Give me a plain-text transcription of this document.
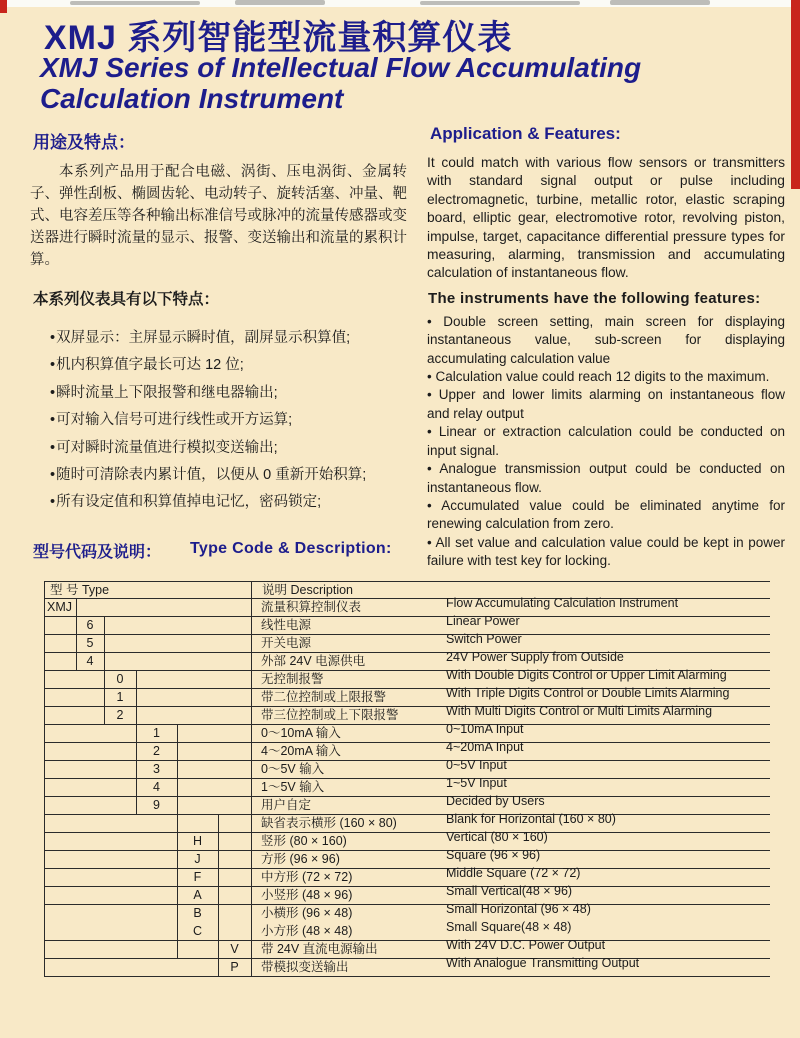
XMJ 系列智能型流量积算仪表
XMJ Series of Intellectual Flow Accumulating Calculation Instrument
用途及特点：

本系列产品用于配合电磁、涡街、压电涡街、金属转子、弹性刮板、椭圆齿轮、电动转子、旋转活塞、冲量、靶式、电容差压等各种输出标准信号或脉冲的流量传感器或变送器进行瞬时流量的显示、报警、变送输出和流量的累积计算。

本系列仪表具有以下特点：
• 双屏显示：主屏显示瞬时值，副屏显示积算值;
• 机内积算值字最长可达 12 位;
• 瞬时流量上下限报警和继电器输出;
• 可对输入信号可进行线性或开方运算;
• 可对瞬时流量值进行模拟变送输出;
• 随时可清除表内累计值，以便从 0 重新开始积算;
• 所有设定值和积算值掉电记忆，密码锁定;
Application & Features:

It could match with various flow sensors or transmitters with standard signal output or pulse including electromagnetic, turbine, metallic rotor, elastic scraping board, elliptic gear, electromotive rotor, revolving piston, impulse, target, capacitance differential pressure types for measuring, alarming, transmission and accumulating calculation of instantaneous flow.

The instruments have the following features:
• Double screen setting, main screen for displaying instantaneous value, sub-screen for displaying accumulating calculation value
• Calculation value could reach 12 digits to the maximum.
• Upper and lower limits alarming on instantaneous flow and relay output
• Linear or extraction calculation could be conducted on input signal.
• Analogue transmission output could be conducted on instantaneous flow.
• Accumulated value could be eliminated anytime for renewing calculation from zero.
• All set value and calculation value could be kept in power failure with test key for locking.
型号代码及说明： Type Code & Description:
型 号 Type	说明 Description
XMJ	流量积算控制仪表	Flow Accumulating Calculation Instrument
6	线性电源	Linear Power
5	开关电源	Switch Power
4	外部 24V 电源供电	24V Power Supply from Outside
0	无控制报警	With Double Digits Control or Upper Limit Alarming
1	带二位控制或上限报警	With Triple Digits Control or Double Limits Alarming
2	带三位控制或上下限报警	With Multi Digits Control or Multi Limits Alarming
1	0～10mA 输入	0~10mA Input
2	4～20mA 输入	4~20mA Input
3	0～5V 输入	0~5V Input
4	1～5V 输入	1~5V Input
9	用户自定	Decided by Users
缺省表示横形 (160 × 80)	Blank for Horizontal (160 × 80)
H	竖形 (80 × 160)	Vertical (80 × 160)
J	方形 (96 × 96)	Square (96 × 96)
F	中方形 (72 × 72)	Middle Square (72 × 72)
A	小竖形 (48 × 96)	Small Vertical(48 × 96)
B	小横形 (96 × 48)	Small Horizontal (96 × 48)
C	小方形 (48 × 48)	Small Square(48 × 48)
V	带 24V 直流电源输出	With 24V D.C. Power Output
P	带模拟变送输出	With Analogue Transmitting Output
